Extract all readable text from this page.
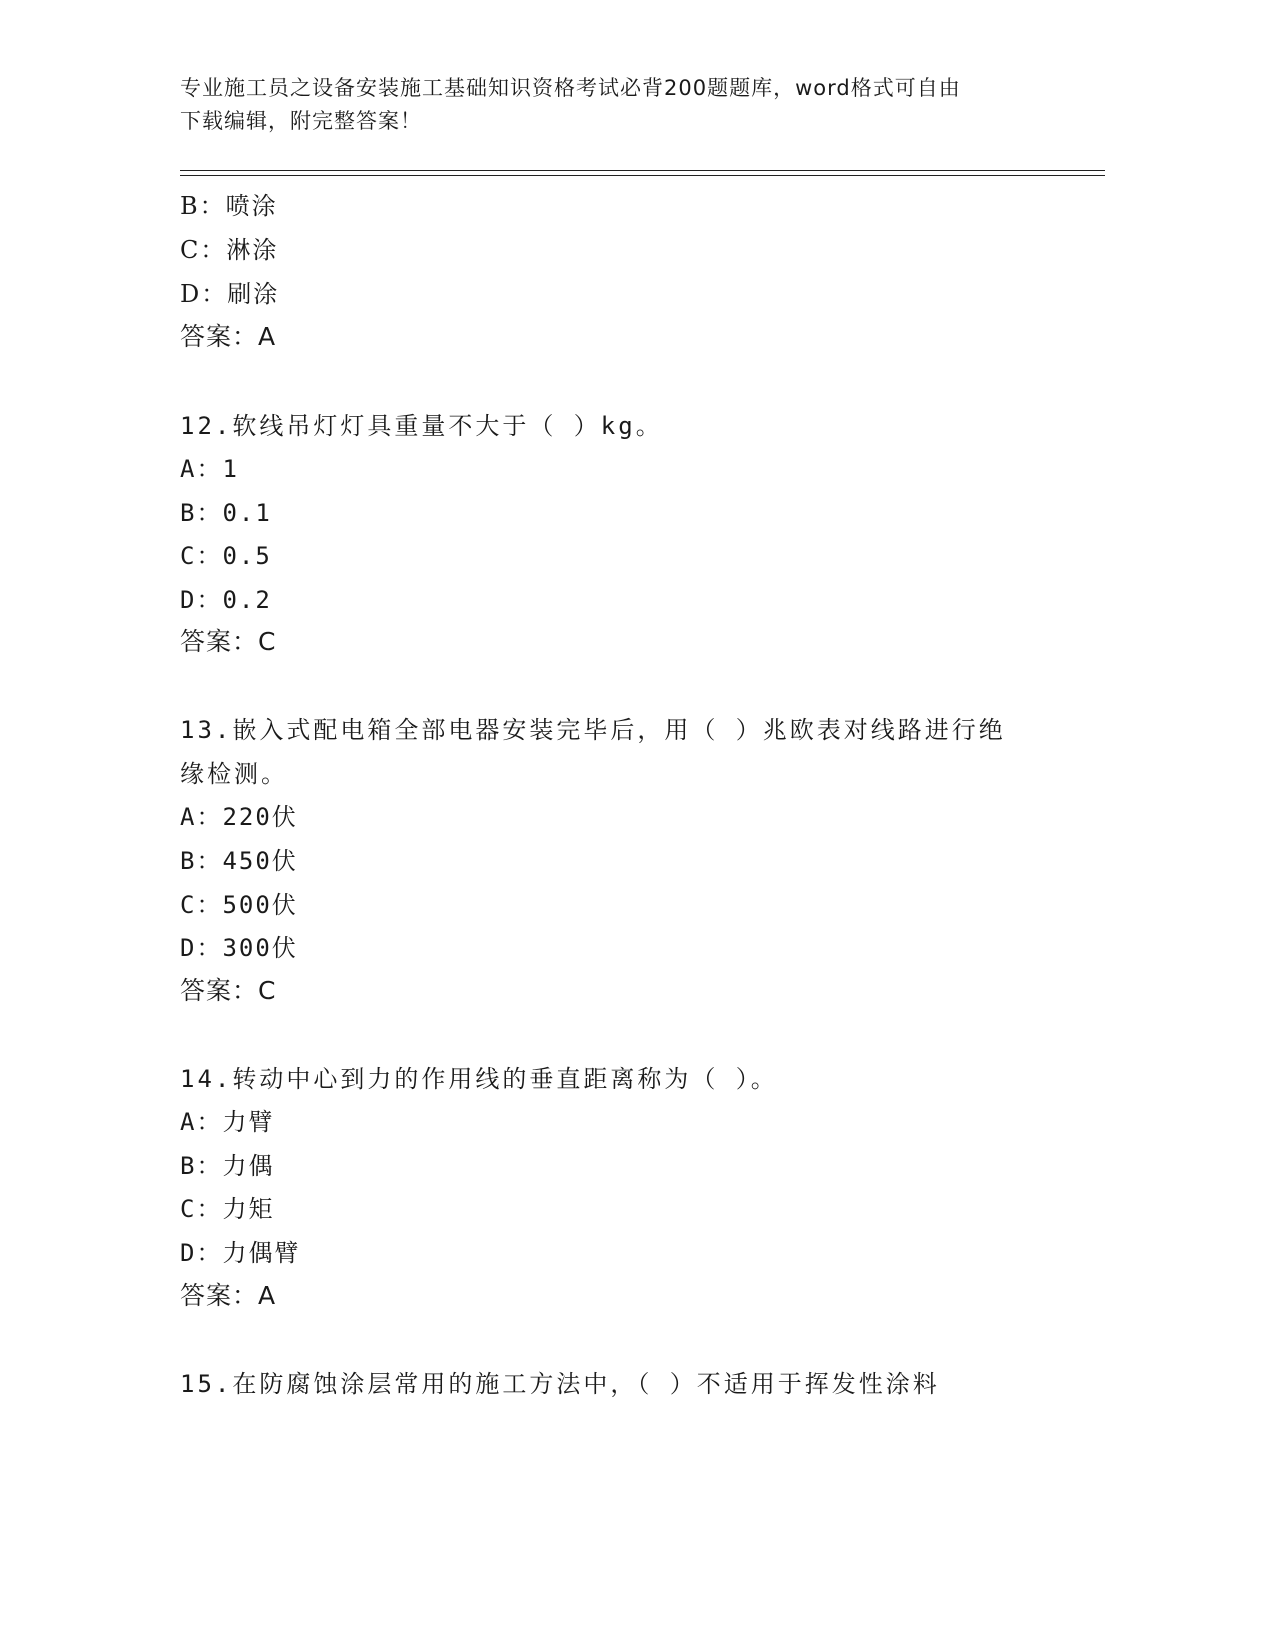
专业施工员之设备安装施工基础知识资格考试必背200题题库，word格式可自由
下载编辑，附完整答案！
B：喷涂
C：淋涂
D：刷涂
答案：A
12.软线吊灯灯具重量不大于（ ）kg。
A：1
B：0.1
C：0.5
D：0.2
答案：C
13.嵌入式配电箱全部电器安装完毕后，用（ ）兆欧表对线路进行绝
缘检测。
A：220伏
B：450伏
C：500伏
D：300伏
答案：C
14.转动中心到力的作用线的垂直距离称为（ ）。
A：力臂
B：力偶
C：力矩
D：力偶臂
答案：A
15.在防腐蚀涂层常用的施工方法中，（ ）不适用于挥发性涂料
